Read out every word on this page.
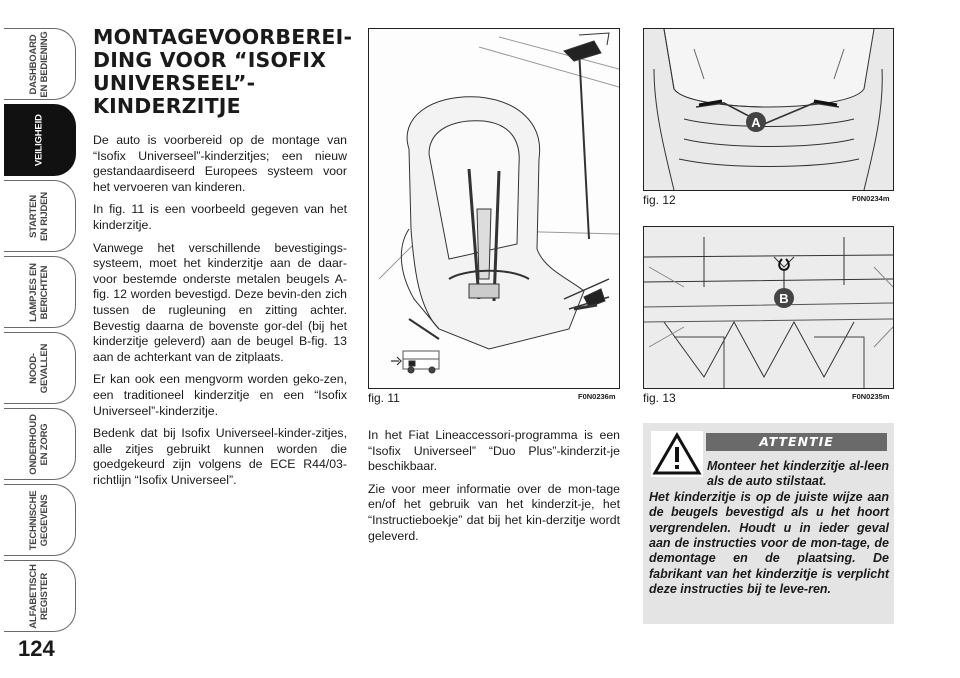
DASHBOARD
EN BEDIENING
VEILIGHEID
STARTEN
EN RIJDEN
LAMPJES EN
BERICHTEN
NOOD-
GEVALLEN
ONDERHOUD
EN ZORG
TECHNISCHE
GEGEVENS
ALFABETISCH
REGISTER
124
MONTAGEVOORBEREI-
DING VOOR “ISOFIX
UNIVERSEEL”-
KINDERZITJE

De auto is voorbereid op de montage van “Isofix Universeel”-kinderzitjes; een nieuw gestandaardiseerd Europees systeem voor het vervoeren van kinderen.

In fig. 11 is een voorbeeld gegeven van het kinderzitje.

Vanwege het verschillende bevestigings-systeem, moet het kinderzitje aan de daar-voor bestemde onderste metalen beugels A-fig. 12 worden bevestigd. Deze bevin-den zich tussen de rugleuning en zitting achter. Bevestig daarna de bovenste gor-del (bij het kinderzitje geleverd) aan de beugel B-fig. 13 aan de achterkant van de zitplaats.

Er kan ook een mengvorm worden geko-zen, een traditioneel kinderzitje en een “Isofix Universeel”-kinderzitje.

Bedenk dat bij Isofix Universeel-kinder-zitjes, alle zitjes gebruikt kunnen worden die goedgekeurd zijn volgens de ECE R44/03-richtlijn “Isofix Universeel”.

fig. 11	F0N0236m
A
fig. 12	F0N0234m
B
fig. 13	F0N0235m

In het Fiat Lineaccessori-programma is een “Isofix Universeel” “Duo Plus”-kinderzit-je beschikbaar.

Zie voor meer informatie over de mon-tage en/of het gebruik van het kinderzit-je, het “Instructieboekje” dat bij het kin-derzitje wordt geleverd.

ATTENTIE
Monteer het kinderzitje al-leen als de auto stilstaat.
Het kinderzitje is op de juiste wijze aan de beugels bevestigd als u het hoort vergrendelen. Houdt u in ieder geval aan de instructies voor de mon-tage, de demontage en de plaatsing. De fabrikant van het kinderzitje is verplicht deze instructies bij te leve-ren.
